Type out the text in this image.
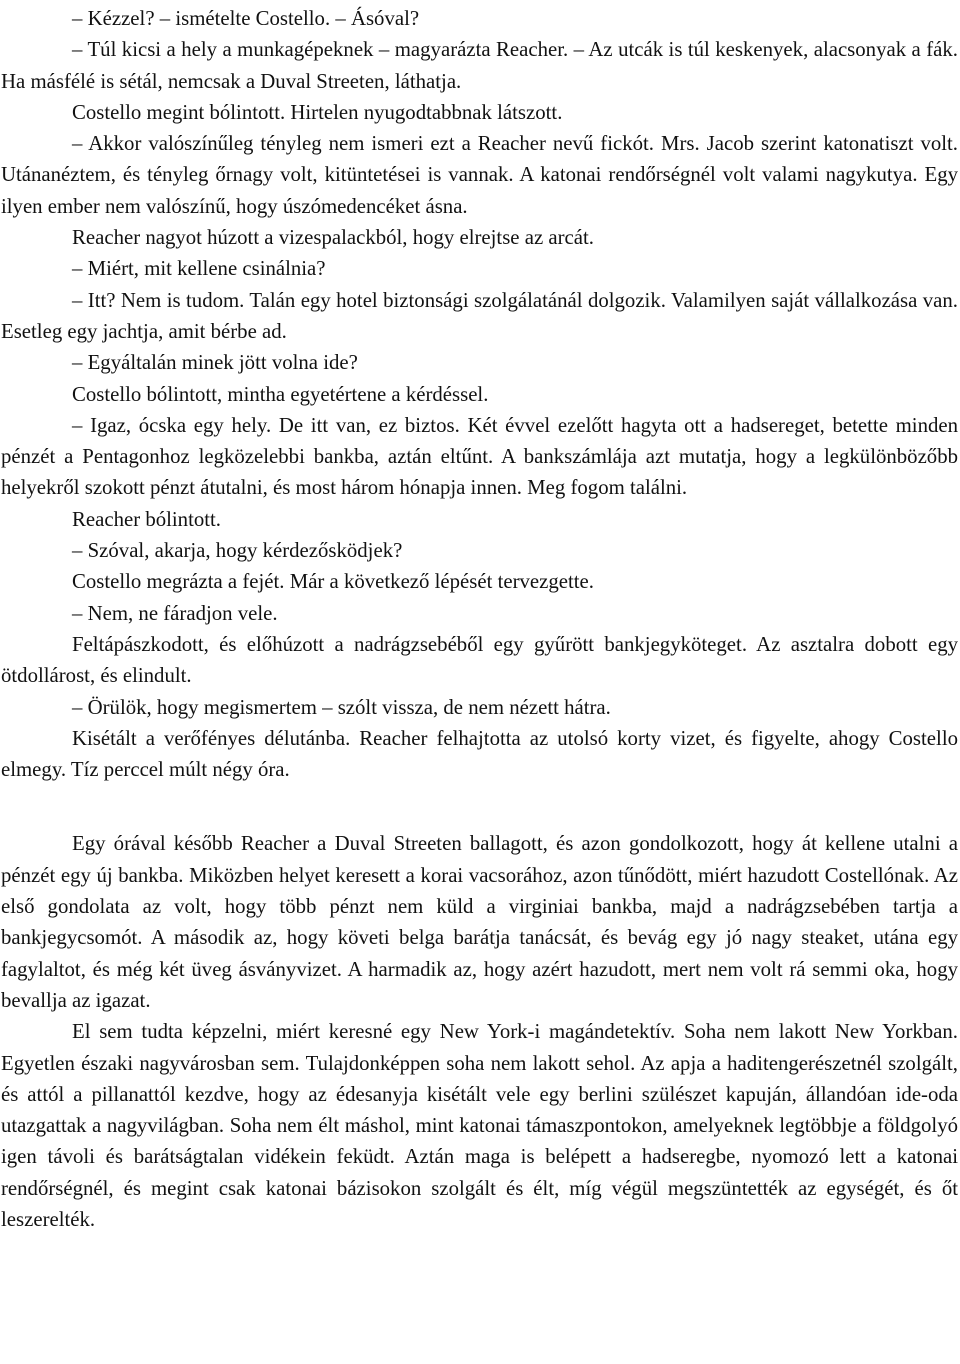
– Kézzel? – ismételte Costello. – Ásóval?

– Túl kicsi a hely a munkagépeknek – magyarázta Reacher. – Az utcák is túl keskenyek, alacsonyak a fák. Ha másfélé is sétál, nemcsak a Duval Streeten, láthatja.

Costello megint bólintott. Hirtelen nyugodtabbnak látszott.

– Akkor valószínűleg tényleg nem ismeri ezt a Reacher nevű fickót. Mrs. Jacob szerint katonatiszt volt. Utánanéztem, és tényleg őrnagy volt, kitüntetései is vannak. A katonai rendőrségnél volt valami nagykutya. Egy ilyen ember nem valószínű, hogy úszómedencéket ásna.

Reacher nagyot húzott a vizespalackból, hogy elrejtse az arcát.

– Miért, mit kellene csinálnia?

– Itt? Nem is tudom. Talán egy hotel biztonsági szolgálatánál dolgozik. Valamilyen saját vállalkozása van. Esetleg egy jachtja, amit bérbe ad.

– Egyáltalán minek jött volna ide?

Costello bólintott, mintha egyetértene a kérdéssel.

– Igaz, ócska egy hely. De itt van, ez biztos. Két évvel ezelőtt hagyta ott a hadsereget, betette minden pénzét a Pentagonhoz legközelebbi bankba, aztán eltűnt. A bankszámlája azt mutatja, hogy a legkülönbözőbb helyekről szokott pénzt átutalni, és most három hónapja innen. Meg fogom találni.

Reacher bólintott.

– Szóval, akarja, hogy kérdezősködjek?

Costello megrázta a fejét. Már a következő lépését tervezgette.

– Nem, ne fáradjon vele.

Feltápászkodott, és előhúzott a nadrágzsebéből egy gyűrött bankjegyköteget. Az asztalra dobott egy ötdollárost, és elindult.

– Örülök, hogy megismertem – szólt vissza, de nem nézett hátra.

Kisétált a verőfényes délutánba. Reacher felhajtotta az utolsó korty vizet, és figyelte, ahogy Costello elmegy. Tíz perccel múlt négy óra.

Egy órával később Reacher a Duval Streeten ballagott, és azon gondolkozott, hogy át kellene utalni a pénzét egy új bankba. Miközben helyet keresett a korai vacsorához, azon tűnődött, miért hazudott Costellónak. Az első gondolata az volt, hogy több pénzt nem küld a virginiai bankba, majd a nadrágzsebében tartja a bankjegycsomót. A második az, hogy követi belga barátja tanácsát, és bevág egy jó nagy steaket, utána egy fagylaltot, és még két üveg ásványvizet. A harmadik az, hogy azért hazudott, mert nem volt rá semmi oka, hogy bevallja az igazat.

El sem tudta képzelni, miért keresné egy New York-i magándetektív. Soha nem lakott New Yorkban. Egyetlen északi nagyvárosban sem. Tulajdonképpen soha nem lakott sehol. Az apja a haditengerészetnél szolgált, és attól a pillanattól kezdve, hogy az édesanyja kisétált vele egy berlini szülészet kapuján, állandóan ide-oda utazgattak a nagyvilágban. Soha nem élt máshol, mint katonai támaszpontokon, amelyeknek legtöbbje a földgolyó igen távoli és barátságtalan vidékein feküdt. Aztán maga is belépett a hadseregbe, nyomozó lett a katonai rendőrségnél, és megint csak katonai bázisokon szolgált és élt, míg végül megszüntették az egységét, és őt leszerelték.
